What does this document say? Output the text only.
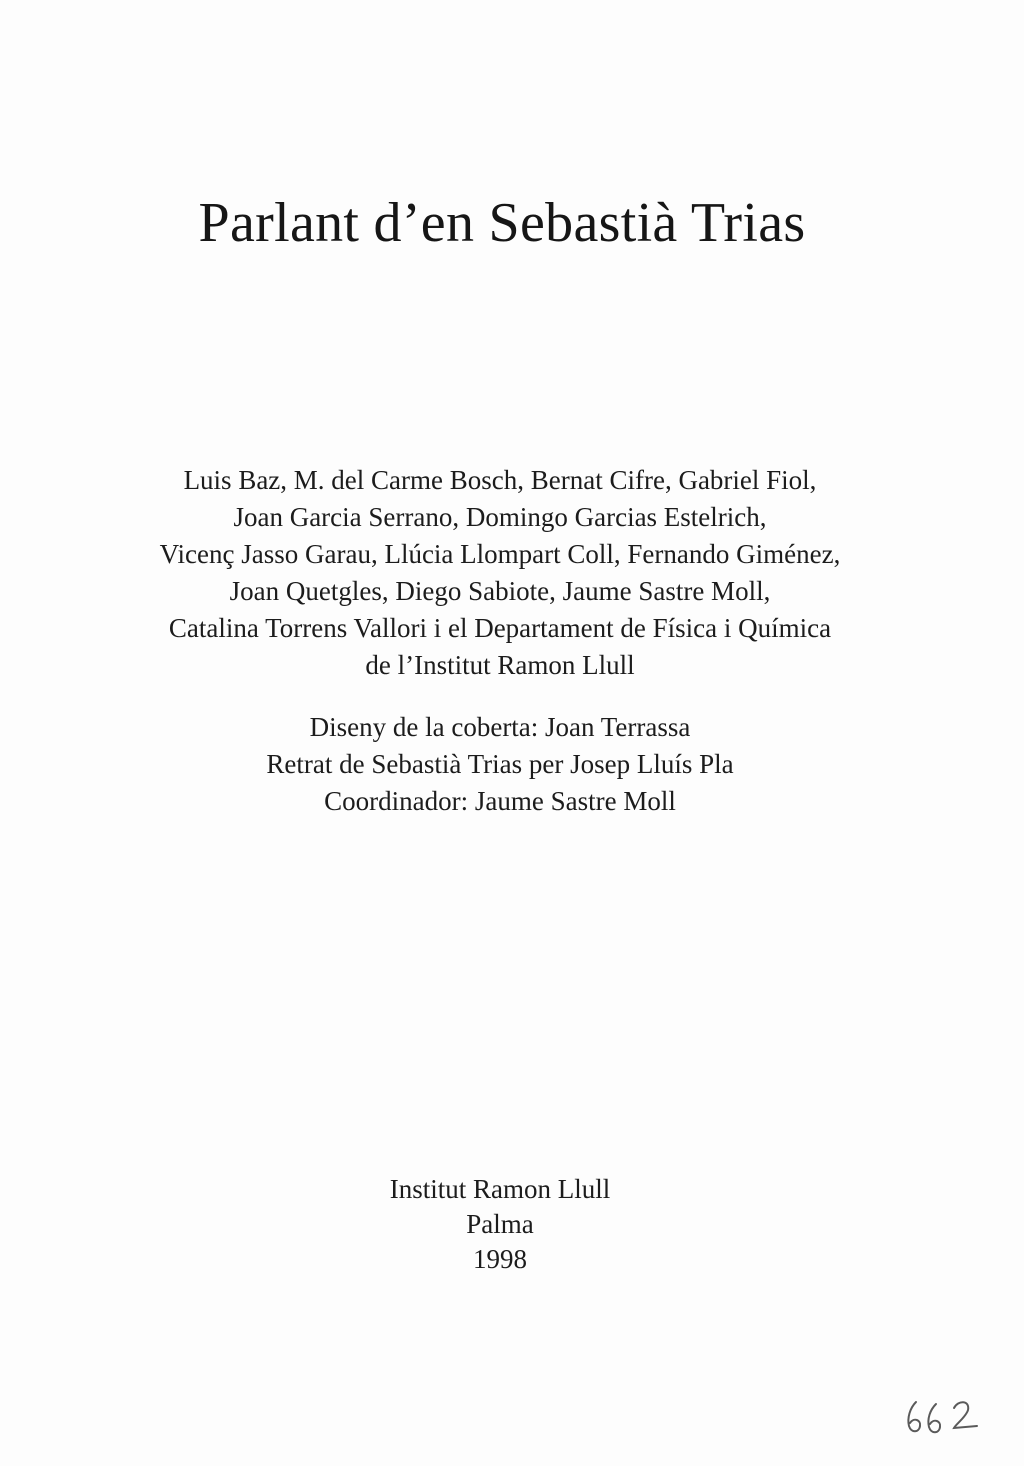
Parlant d’en Sebastià Trias
Luis Baz, M. del Carme Bosch, Bernat Cifre, Gabriel Fiol,
Joan Garcia Serrano, Domingo Garcias Estelrich,
Vicenç Jasso Garau, Llúcia Llompart Coll, Fernando Giménez,
Joan Quetgles, Diego Sabiote, Jaume Sastre Moll,
Catalina Torrens Vallori i el Departament de Física i Química
de l’Institut Ramon Llull
Diseny de la coberta: Joan Terrassa
Retrat de Sebastià Trias per Josep Lluís Pla
Coordinador: Jaume Sastre Moll
Institut Ramon Llull
Palma
1998
